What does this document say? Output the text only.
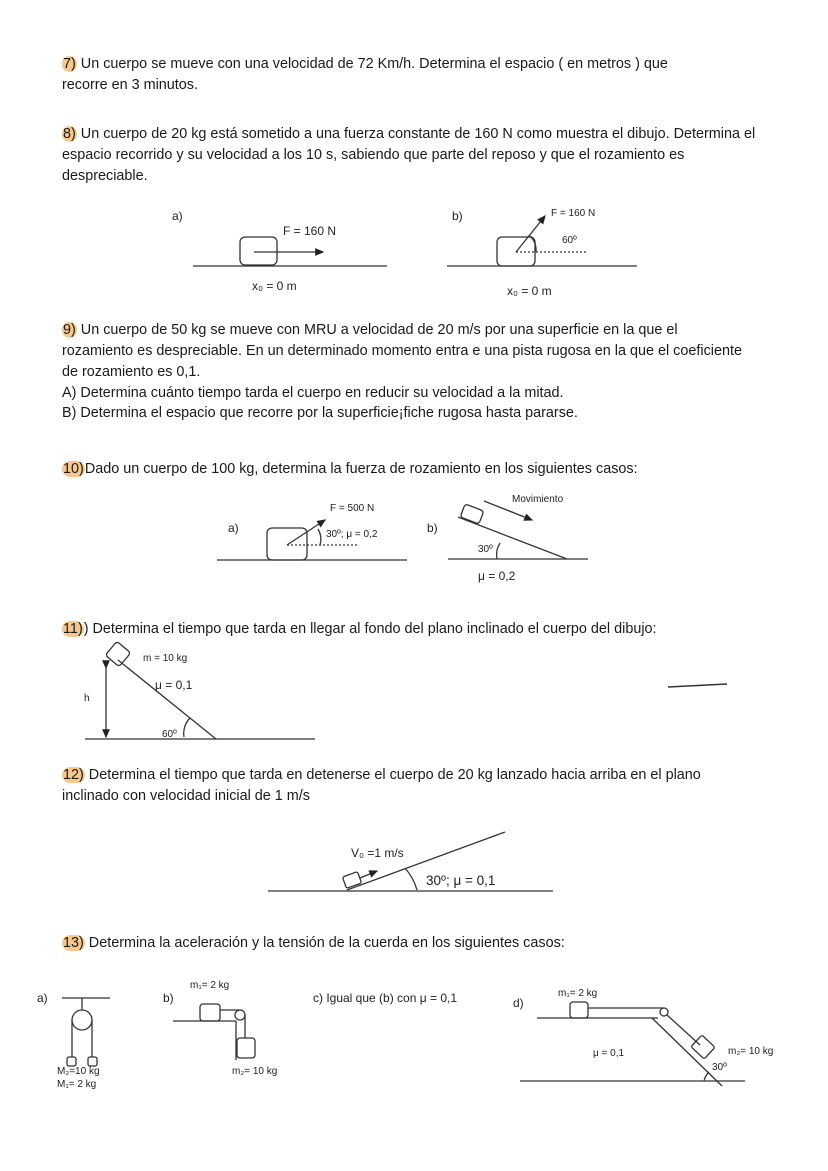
7) Un cuerpo se mueve con una velocidad de 72 Km/h. Determina el espacio ( en metros ) que
recorre en 3 minutos.
8) Un cuerpo de 20 kg está sometido a una fuerza constante de 160 N como muestra el dibujo. Determina el
espacio recorrido y su velocidad a los 10 s, sabiendo que parte del reposo y que el rozamiento es
despreciable.
9) Un cuerpo de 50 kg se mueve con MRU a velocidad de 20 m/s por una superficie en la que el
rozamiento es despreciable. En un determinado momento entra e una pista rugosa en la que el coeficiente
de rozamiento es 0,1.
A) Determina cuánto tiempo tarda el cuerpo en reducir su velocidad a la mitad.
B) Determina el espacio que recorre por la superficie¡fiche rugosa hasta pararse.
10)Dado un cuerpo de 100 kg, determina la fuerza de rozamiento en los siguientes casos:
11)) Determina el tiempo que tarda en llegar al fondo del plano inclinado el cuerpo del dibujo:
12) Determina el tiempo que tarda en detenerse el cuerpo de 20 kg lanzado hacia arriba en el plano
inclinado con velocidad inicial de 1 m/s
13) Determina la aceleración y la tensión de la cuerda en los siguientes casos:
a)
F = 160 N
x₀ = 0 m
b)	F = 160 N
60º
x₀ = 0 m
F = 500 N
a)	30º; μ = 0,2	b)
Movimiento
30º
μ = 0,2
h
m = 10 kg
μ = 0,1
60º
V₀ =1 m/s
30º; μ = 0,1
a)
M₂=10 kg
M₁= 2 kg
b)
m₁= 2 kg
m₂= 10 kg
c) Igual que (b) con μ = 0,1	d)
m₁= 2 kg
μ = 0,1	m₂= 10 kg
30º
